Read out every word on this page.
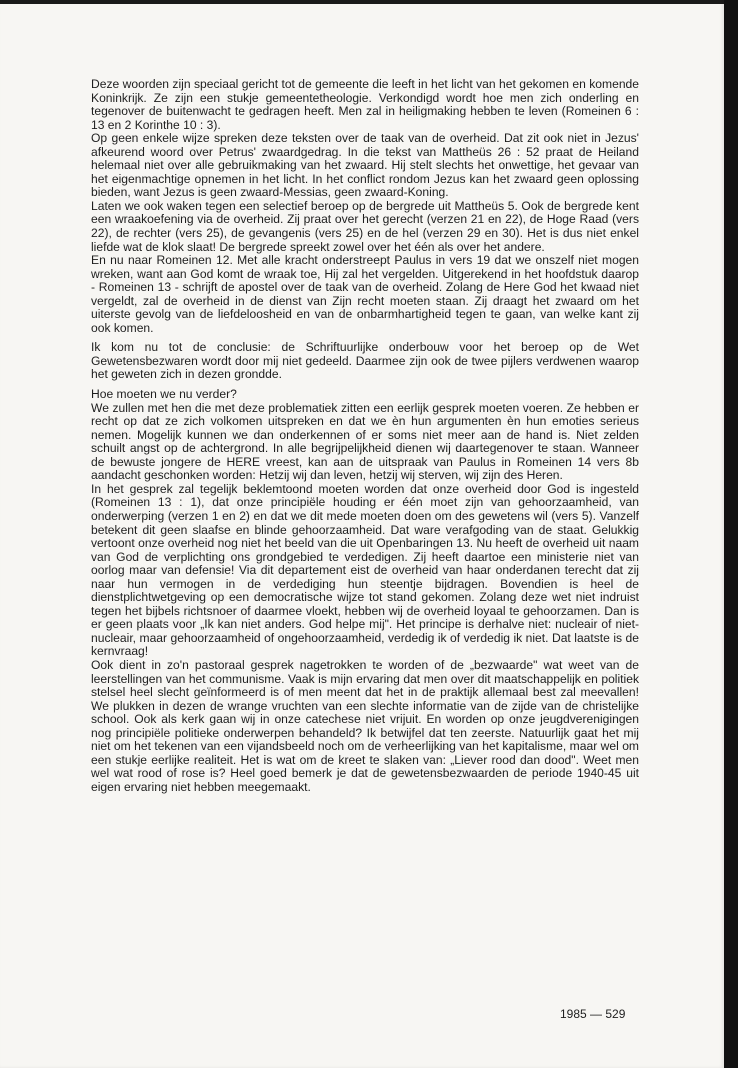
Deze woorden zijn speciaal gericht tot de gemeente die leeft in het licht van het gekomen en komende Koninkrijk. Ze zijn een stukje gemeentetheologie. Verkondigd wordt hoe men zich onderling en tegenover de buitenwacht te gedragen heeft. Men zal in heiligmaking hebben te leven (Romeinen 6 : 13 en 2 Korinthe 10 : 3).

Op geen enkele wijze spreken deze teksten over de taak van de overheid. Dat zit ook niet in Jezus' afkeurend woord over Petrus' zwaardgedrag. In die tekst van Mattheüs 26 : 52 praat de Heiland helemaal niet over alle gebruikmaking van het zwaard. Hij stelt slechts het onwettige, het gevaar van het eigenmachtige opnemen in het licht. In het conflict rondom Jezus kan het zwaard geen oplossing bieden, want Jezus is geen zwaard-Messias, geen zwaard-Koning.

Laten we ook waken tegen een selectief beroep op de bergrede uit Mattheüs 5. Ook de bergrede kent een wraakoefening via de overheid. Zij praat over het gerecht (verzen 21 en 22), de Hoge Raad (vers 22), de rechter (vers 25), de gevangenis (vers 25) en de hel (verzen 29 en 30). Het is dus niet enkel liefde wat de klok slaat! De bergrede spreekt zowel over het één als over het andere.

En nu naar Romeinen 12. Met alle kracht onderstreept Paulus in vers 19 dat we onszelf niet mogen wreken, want aan God komt de wraak toe, Hij zal het vergelden. Uitgerekend in het hoofdstuk daarop - Romeinen 13 - schrijft de apostel over de taak van de overheid. Zolang de Here God het kwaad niet vergeldt, zal de overheid in de dienst van Zijn recht moeten staan. Zij draagt het zwaard om het uiterste gevolg van de liefdeloosheid en van de onbarmhartigheid tegen te gaan, van welke kant zij ook komen.

Ik kom nu tot de conclusie: de Schriftuurlijke onderbouw voor het beroep op de Wet Gewetensbezwaren wordt door mij niet gedeeld. Daarmee zijn ook de twee pijlers verdwenen waarop het geweten zich in dezen grondde.

Hoe moeten we nu verder?

We zullen met hen die met deze problematiek zitten een eerlijk gesprek moeten voeren. Ze hebben er recht op dat ze zich volkomen uitspreken en dat we èn hun argumenten èn hun emoties serieus nemen. Mogelijk kunnen we dan onderkennen of er soms niet meer aan de hand is. Niet zelden schuilt angst op de achtergrond. In alle begrijpelijkheid dienen wij daartegenover te staan. Wanneer de bewuste jongere de HERE vreest, kan aan de uitspraak van Paulus in Romeinen 14 vers 8b aandacht geschonken worden: Hetzij wij dan leven, hetzij wij sterven, wij zijn des Heren.

In het gesprek zal tegelijk beklemtoond moeten worden dat onze overheid door God is ingesteld (Romeinen 13 : 1), dat onze principiële houding er één moet zijn van gehoorzaamheid, van onderwerping (verzen 1 en 2) en dat we dit mede moeten doen om des gewetens wil (vers 5). Vanzelf betekent dit geen slaafse en blinde gehoorzaamheid. Dat ware verafgoding van de staat. Gelukkig vertoont onze overheid nog niet het beeld van die uit Openbaringen 13. Nu heeft de overheid uit naam van God de verplichting ons grondgebied te verdedigen. Zij heeft daartoe een ministerie niet van oorlog maar van defensie! Via dit departement eist de overheid van haar onderdanen terecht dat zij naar hun vermogen in de verdediging hun steentje bijdragen. Bovendien is heel de dienstplichtwetgeving op een democratische wijze tot stand gekomen. Zolang deze wet niet indruist tegen het bijbels richtsnoer of daarmee vloekt, hebben wij de overheid loyaal te gehoorzamen. Dan is er geen plaats voor „Ik kan niet anders. God helpe mij". Het principe is derhalve niet: nucleair of niet-nucleair, maar gehoorzaamheid of ongehoorzaamheid, verdedig ik of verdedig ik niet. Dat laatste is de kernvraag!

Ook dient in zo'n pastoraal gesprek nagetrokken te worden of de „bezwaarde" wat weet van de leerstellingen van het communisme. Vaak is mijn ervaring dat men over dit maatschappelijk en politiek stelsel heel slecht geïnformeerd is of men meent dat het in de praktijk allemaal best zal meevallen! We plukken in dezen de wrange vruchten van een slechte informatie van de zijde van de christelijke school. Ook als kerk gaan wij in onze catechese niet vrijuit. En worden op onze jeugdverenigingen nog principiële politieke onderwerpen behandeld? Ik betwijfel dat ten zeerste. Natuurlijk gaat het mij niet om het tekenen van een vijandsbeeld noch om de verheerlijking van het kapitalisme, maar wel om een stukje eerlijke realiteit. Het is wat om de kreet te slaken van: „Liever rood dan dood". Weet men wel wat rood of rose is? Heel goed bemerk je dat de gewetensbezwaarden de periode 1940-45 uit eigen ervaring niet hebben meegemaakt.

1985 — 529
